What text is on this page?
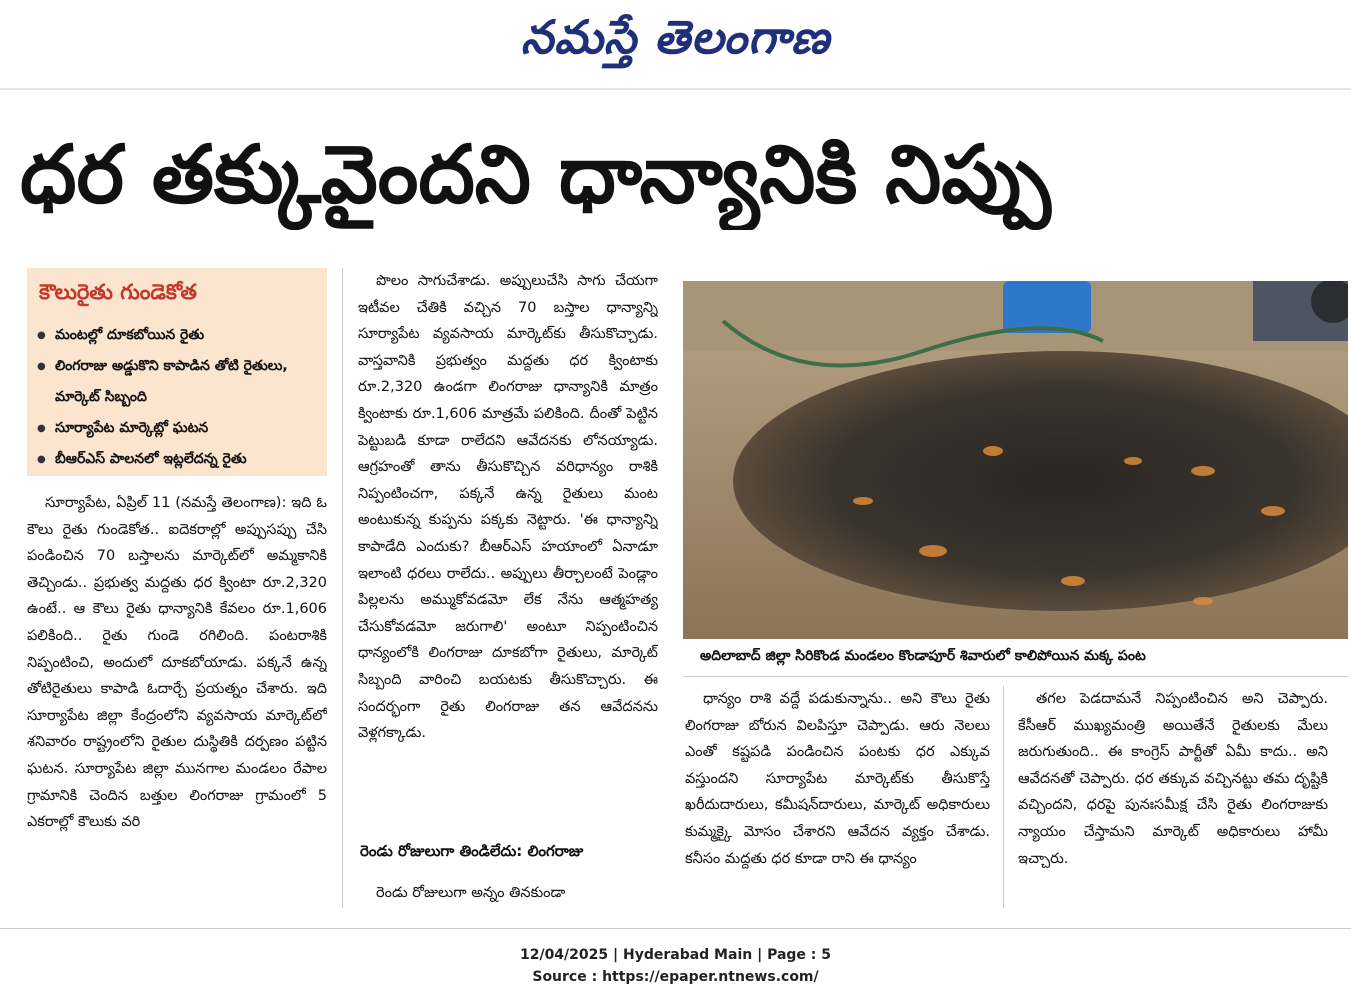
నమస్తే తెలంగాణ
ధర తక్కువైందని ధాన్యానికి నిప్పు
కౌలురైతు గుండెకోత
● మంటల్లో దూకబోయిన రైతు
● లింగరాజు అడ్డుకొని కాపాడిన తోటి రైతులు, మార్కెట్ సిబ్బంది
● సూర్యాపేట మార్కెట్లో ఘటన
● బీఆర్ఎస్ పాలనలో ఇట్లలేదన్న రైతు

సూర్యాపేట, ఏప్రిల్ 11 (నమస్తే తెలంగాణ): ఇది ఓ కౌలు రైతు గుండెకోత.. ఐదెకరాల్లో అప్పుసప్పు చేసి పండించిన 70 బస్తాలను మార్కెట్‌లో అమ్మకానికి తెచ్చిండు.. ప్రభుత్వ మద్దతు ధర క్వింటా రూ.2,320 ఉంటే.. ఆ కౌలు రైతు ధాన్యానికి కేవలం రూ.1,606 పలికింది.. రైతు గుండె రగిలింది. పంటరాశికి నిప్పంటించి, అందులో దూకబోయాడు. పక్కనే ఉన్న తోటిరైతులు కాపాడి ఓదార్చే ప్రయత్నం చేశారు. ఇది సూర్యాపేట జిల్లా కేంద్రంలోని వ్యవసాయ మార్కెట్‌లో శనివారం రాష్ట్రంలోని రైతుల దుస్థితికి దర్పణం పట్టిన ఘటన. సూర్యాపేట జిల్లా మునగాల మండలం రేపాల గ్రామానికి చెందిన బత్తుల లింగరాజు గ్రామంలో 5 ఎకరాల్లో కౌలుకు వరి

పొలం సాగుచేశాడు. అప్పులుచేసి సాగు చేయగా ఇటీవల చేతికి వచ్చిన 70 బస్తాల ధాన్యాన్ని సూర్యాపేట వ్యవసాయ మార్కెట్‌కు తీసుకొచ్చాడు. వాస్తవానికి ప్రభుత్వం మద్దతు ధర క్వింటాకు రూ.2,320 ఉండగా లింగరాజు ధాన్యానికి మాత్రం క్వింటాకు రూ.1,606 మాత్రమే పలికింది. దీంతో పెట్టిన పెట్టుబడి కూడా రాలేదని ఆవేదనకు లోనయ్యాడు. ఆగ్రహంతో తాను తీసుకొచ్చిన వరిధాన్యం రాశికి నిప్పంటించగా, పక్కనే ఉన్న రైతులు మంట అంటుకున్న కుప్పను పక్కకు నెట్టారు. 'ఈ ధాన్యాన్ని కాపాడేది ఎందుకు? బీఆర్ఎస్ హయాంలో ఏనాడూ ఇలాంటి ధరలు రాలేదు.. అప్పులు తీర్చాలంటే పెండ్లాం పిల్లలను అమ్ముకోవడమో లేక నేను ఆత్మహత్య చేసుకోవడమో జరుగాలి' అంటూ నిప్పంటించిన ధాన్యంలోకి లింగరాజు దూకబోగా రైతులు, మార్కెట్ సిబ్బంది వారించి బయటకు తీసుకొచ్చారు. ఈ సందర్భంగా రైతు లింగరాజు తన ఆవేదనను వెళ్లగక్కాడు.

రెండు రోజులుగా తిండిలేదు: లింగరాజు

రెండు రోజులుగా అన్నం తినకుండా

అదిలాబాద్ జిల్లా సిరికొండ మండలం కొండాపూర్ శివారులో కాలిపోయిన మక్క పంట

ధాన్యం రాశి వద్దే పడుకున్నాను.. అని కౌలు రైతు లింగరాజు బోరున విలపిస్తూ చెప్పాడు. ఆరు నెలలు ఎంతో కష్టపడి పండించిన పంటకు ధర ఎక్కువ వస్తుందని సూర్యాపేట మార్కెట్‌కు తీసుకొస్తే ఖరీదుదారులు, కమీషన్‌దారులు, మార్కెట్ అధికారులు కుమ్మక్కై మోసం చేశారని ఆవేదన వ్యక్తం చేశాడు. కనీసం మద్దతు ధర కూడా రాని ఈ ధాన్యం

తగల పెడదామనే నిప్పంటించిన అని చెప్పారు. కేసీఆర్ ముఖ్యమంత్రి అయితేనే రైతులకు మేలు జరుగుతుంది.. ఈ కాంగ్రెస్ పార్టీతో ఏమీ కాదు.. అని ఆవేదనతో చెప్పారు. ధర తక్కువ వచ్చినట్టు తమ దృష్టికి వచ్చిందని, ధరపై పునఃసమీక్ష చేసి రైతు లింగరాజుకు న్యాయం చేస్తామని మార్కెట్ అధికారులు హామీ ఇచ్చారు.

12/04/2025 | Hyderabad Main | Page : 5
Source : https://epaper.ntnews.com/
